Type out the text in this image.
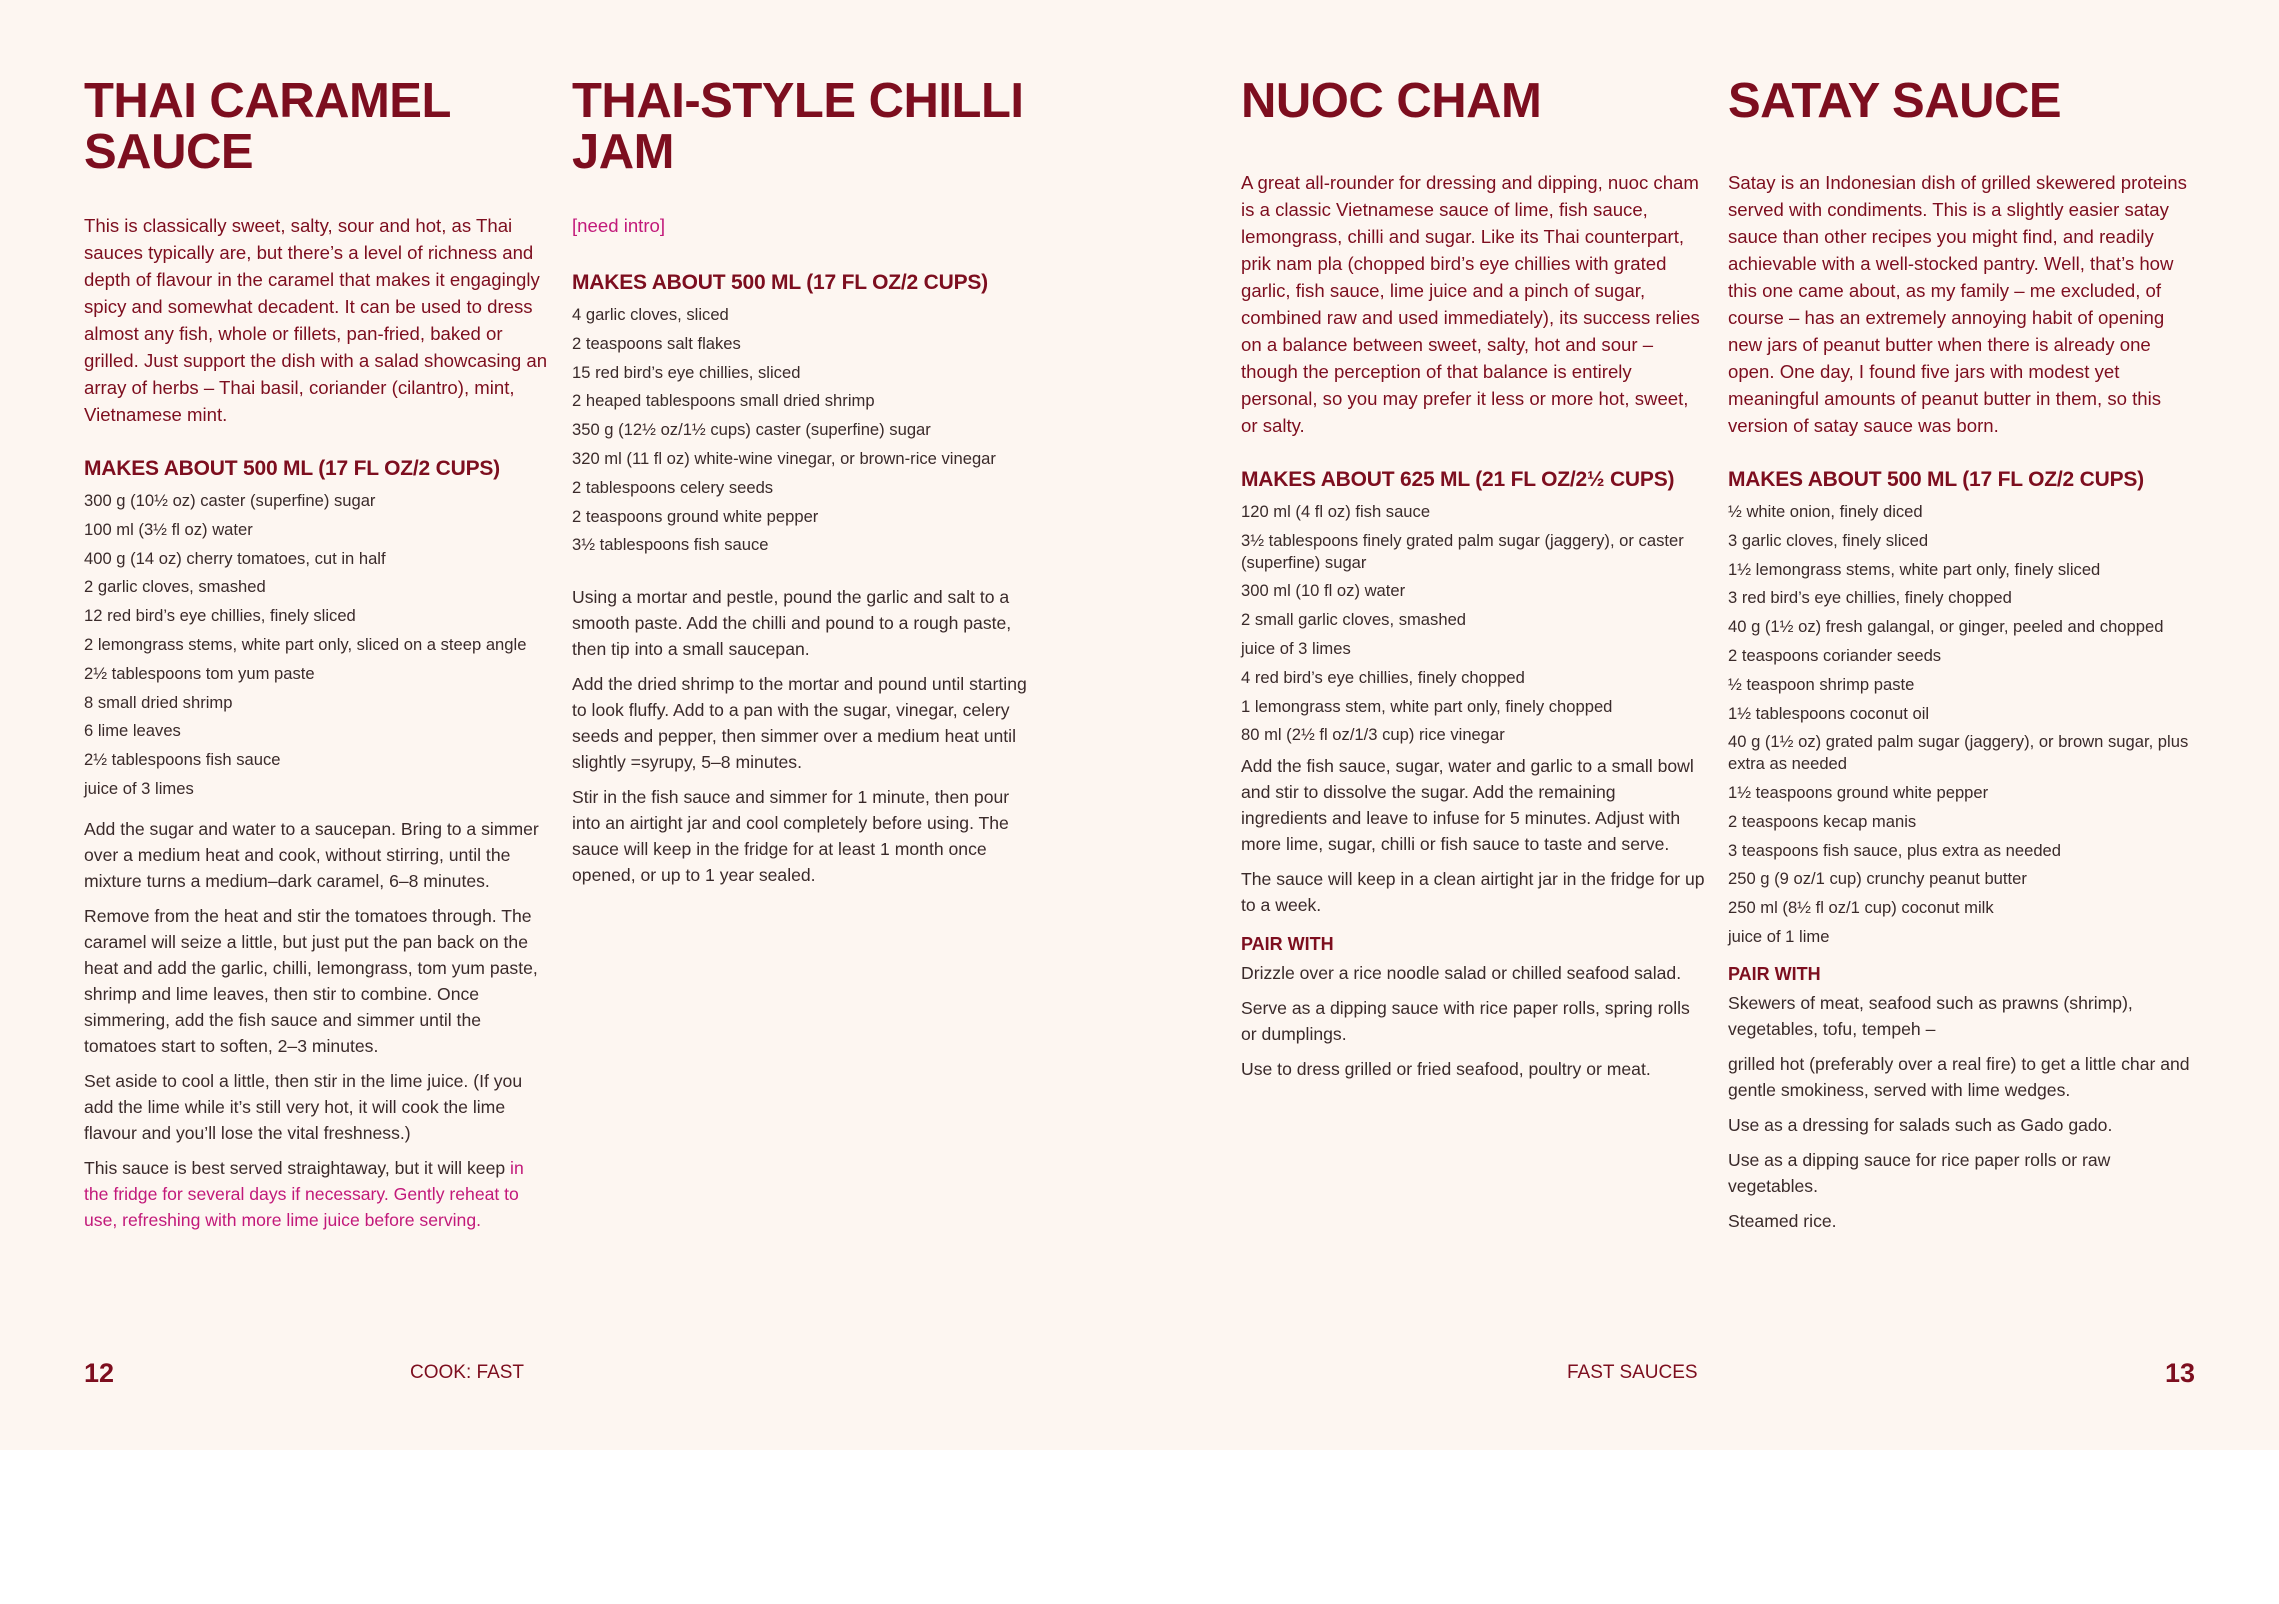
THAI CARAMEL SAUCE

This is classically sweet, salty, sour and hot, as Thai sauces typically are, but there’s a level of richness and depth of flavour in the caramel that makes it engagingly spicy and somewhat decadent. It can be used to dress almost any fish, whole or fillets, pan-fried, baked or grilled. Just support the dish with a salad showcasing an array of herbs – Thai basil, coriander (cilantro), mint, Vietnamese mint.

MAKES ABOUT 500 ML (17 FL OZ/2 CUPS)
300 g (10½ oz) caster (superfine) sugar
100 ml (3½ fl oz) water
400 g (14 oz) cherry tomatoes, cut in half
2 garlic cloves, smashed
12 red bird’s eye chillies, finely sliced
2 lemongrass stems, white part only, sliced on a steep angle
2½ tablespoons tom yum paste
8 small dried shrimp
6 lime leaves
2½ tablespoons fish sauce
juice of 3 limes

Add the sugar and water to a saucepan. Bring to a simmer over a medium heat and cook, without stirring, until the mixture turns a medium–dark caramel, 6–8 minutes.

Remove from the heat and stir the tomatoes through. The caramel will seize a little, but just put the pan back on the heat and add the garlic, chilli, lemongrass, tom yum paste, shrimp and lime leaves, then stir to combine. Once simmering, add the fish sauce and simmer until the tomatoes start to soften, 2–3 minutes.

Set aside to cool a little, then stir in the lime juice. (If you add the lime while it’s still very hot, it will cook the lime flavour and you’ll lose the vital freshness.)

This sauce is best served straightaway, but it will keep in the fridge for several days if necessary. Gently reheat to use, refreshing with more lime juice before serving.

THAI-STYLE CHILLI JAM

[need intro]

MAKES ABOUT 500 ML (17 FL OZ/2 CUPS)
4 garlic cloves, sliced
2 teaspoons salt flakes
15 red bird’s eye chillies, sliced
2 heaped tablespoons small dried shrimp
350 g (12½ oz/1½ cups) caster (superfine) sugar
320 ml (11 fl oz) white-wine vinegar, or brown-rice vinegar
2 tablespoons celery seeds
2 teaspoons ground white pepper
3½ tablespoons fish sauce

Using a mortar and pestle, pound the garlic and salt to a smooth paste. Add the chilli and pound to a rough paste, then tip into a small saucepan.

Add the dried shrimp to the mortar and pound until starting to look fluffy. Add to a pan with the sugar, vinegar, celery seeds and pepper, then simmer over a medium heat until slightly =syrupy, 5–8 minutes.

Stir in the fish sauce and simmer for 1 minute, then pour into an airtight jar and cool completely before using. The sauce will keep in the fridge for at least 1 month once opened, or up to 1 year sealed.

NUOC CHAM

A great all-rounder for dressing and dipping, nuoc cham is a classic Vietnamese sauce of lime, fish sauce, lemongrass, chilli and sugar. Like its Thai counterpart, prik nam pla (chopped bird’s eye chillies with grated garlic, fish sauce, lime juice and a pinch of sugar, combined raw and used immediately), its success relies on a balance between sweet, salty, hot and sour – though the perception of that balance is entirely personal, so you may prefer it less or more hot, sweet, or salty.

MAKES ABOUT 625 ML (21 FL OZ/2½ CUPS)
120 ml (4 fl oz) fish sauce
3½ tablespoons finely grated palm sugar (jaggery), or caster (superfine) sugar
300 ml (10 fl oz) water
2 small garlic cloves, smashed
juice of 3 limes
4 red bird’s eye chillies, finely chopped
1 lemongrass stem, white part only, finely chopped
80 ml (2½ fl oz/1/3 cup) rice vinegar

Add the fish sauce, sugar, water and garlic to a small bowl and stir to dissolve the sugar. Add the remaining ingredients and leave to infuse for 5 minutes. Adjust with more lime, sugar, chilli or fish sauce to taste and serve.

The sauce will keep in a clean airtight jar in the fridge for up to a week.

PAIR WITH

Drizzle over a rice noodle salad or chilled seafood salad.

Serve as a dipping sauce with rice paper rolls, spring rolls or dumplings.

Use to dress grilled or fried seafood, poultry or meat.

SATAY SAUCE

Satay is an Indonesian dish of grilled skewered proteins served with condiments. This is a slightly easier satay sauce than other recipes you might find, and readily achievable with a well-stocked pantry. Well, that’s how this one came about, as my family – me excluded, of course – has an extremely annoying habit of opening new jars of peanut butter when there is already one open. One day, I found five jars with modest yet meaningful amounts of peanut butter in them, so this version of satay sauce was born.

MAKES ABOUT 500 ML (17 FL OZ/2 CUPS)
½ white onion, finely diced
3 garlic cloves, finely sliced
1½ lemongrass stems, white part only, finely sliced
3 red bird’s eye chillies, finely chopped
40 g (1½ oz) fresh galangal, or ginger, peeled and chopped
2 teaspoons coriander seeds
½ teaspoon shrimp paste
1½ tablespoons coconut oil
40 g (1½ oz) grated palm sugar (jaggery), or brown sugar, plus extra as needed
1½ teaspoons ground white pepper
2 teaspoons kecap manis
3 teaspoons fish sauce, plus extra as needed
250 g (9 oz/1 cup) crunchy peanut butter
250 ml (8½ fl oz/1 cup) coconut milk
juice of 1 lime
PAIR WITH

Skewers of meat, seafood such as prawns (shrimp), vegetables, tofu, tempeh –

grilled hot (preferably over a real fire) to get a little char and gentle smokiness, served with lime wedges.

Use as a dressing for salads such as Gado gado.

Use as a dipping sauce for rice paper rolls or raw vegetables.

Steamed rice.

12	COOK: FAST	FAST SAUCES	13
